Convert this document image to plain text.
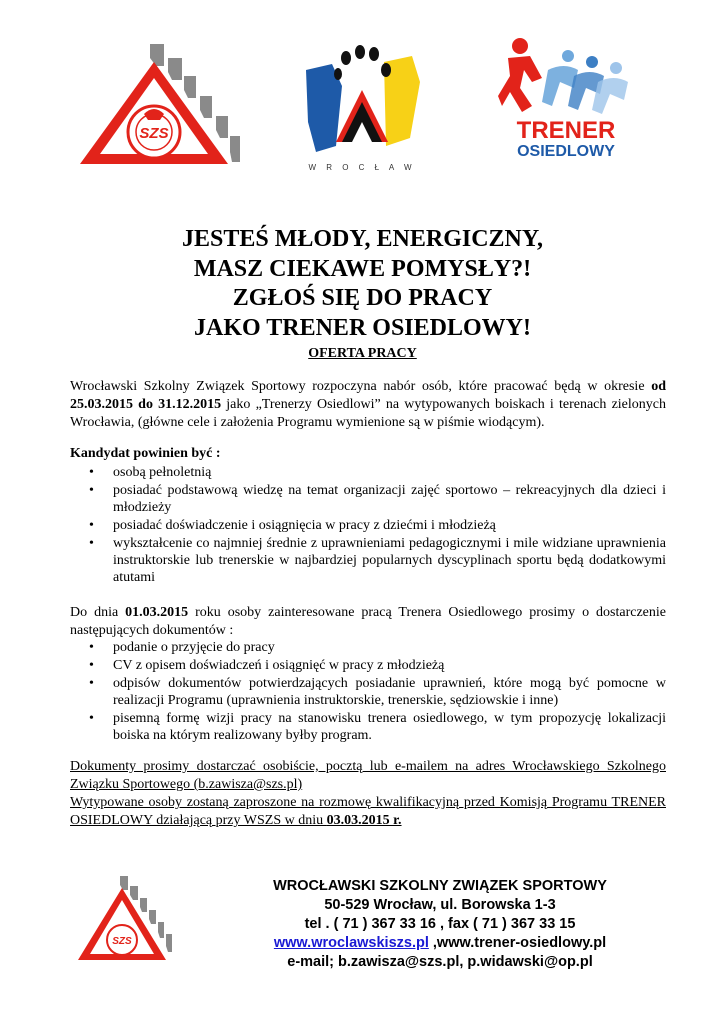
SZS
W R O C Ł A W
TRENER
OSIEDLOWY
JESTEŚ MŁODY, ENERGICZNY,
MASZ CIEKAWE POMYSŁY?!
ZGŁOŚ SIĘ DO PRACY
JAKO TRENER OSIEDLOWY!
OFERTA PRACY
Wrocławski Szkolny Związek Sportowy rozpoczyna nabór osób, które pracować będą w okresie od 25.03.2015 do 31.12.2015 jako „Trenerzy Osiedlowi” na wytypowanych boiskach i terenach zielonych Wrocławia, (główne cele i założenia Programu wymienione są w piśmie wiodącym).
Kandydat powinien być :
• osobą pełnoletnią
• posiadać podstawową wiedzę na temat organizacji zajęć sportowo – rekreacyjnych dla dzieci i młodzieży
• posiadać doświadczenie i osiągnięcia w pracy z dziećmi i młodzieżą
• wykształcenie co najmniej średnie z uprawnieniami pedagogicznymi i mile widziane uprawnienia instruktorskie lub trenerskie w najbardziej popularnych dyscyplinach sportu będą dodatkowymi atutami
Do dnia 01.03.2015 roku osoby zainteresowane pracą Trenera Osiedlowego prosimy o dostarczenie następujących dokumentów :
• podanie o przyjęcie do pracy
• CV z opisem doświadczeń i osiągnięć w pracy z młodzieżą
• odpisów dokumentów potwierdzających posiadanie uprawnień, które mogą być pomocne w realizacji Programu (uprawnienia instruktorskie, trenerskie, sędziowskie i inne)
• pisemną formę wizji pracy na stanowisku trenera osiedlowego, w tym propozycję lokalizacji boiska na którym realizowany byłby program.
Dokumenty prosimy dostarczać osobiście, pocztą lub e-mailem na adres Wrocławskiego Szkolnego Związku Sportowego (b.zawisza@szs.pl)
Wytypowane osoby zostaną zaproszone na rozmowę kwalifikacyjną przed Komisją Programu TRENER OSIEDLOWY działającą przy WSZS w dniu 03.03.2015 r.
SZS
WROCŁAWSKI SZKOLNY ZWIĄZEK SPORTOWY
50-529 Wrocław, ul. Borowska 1-3
tel . ( 71 ) 367 33 16 , fax ( 71 ) 367 33 15
www.wroclawskiszs.pl ,www.trener-osiedlowy.pl
e-mail; b.zawisza@szs.pl, p.widawski@op.pl
